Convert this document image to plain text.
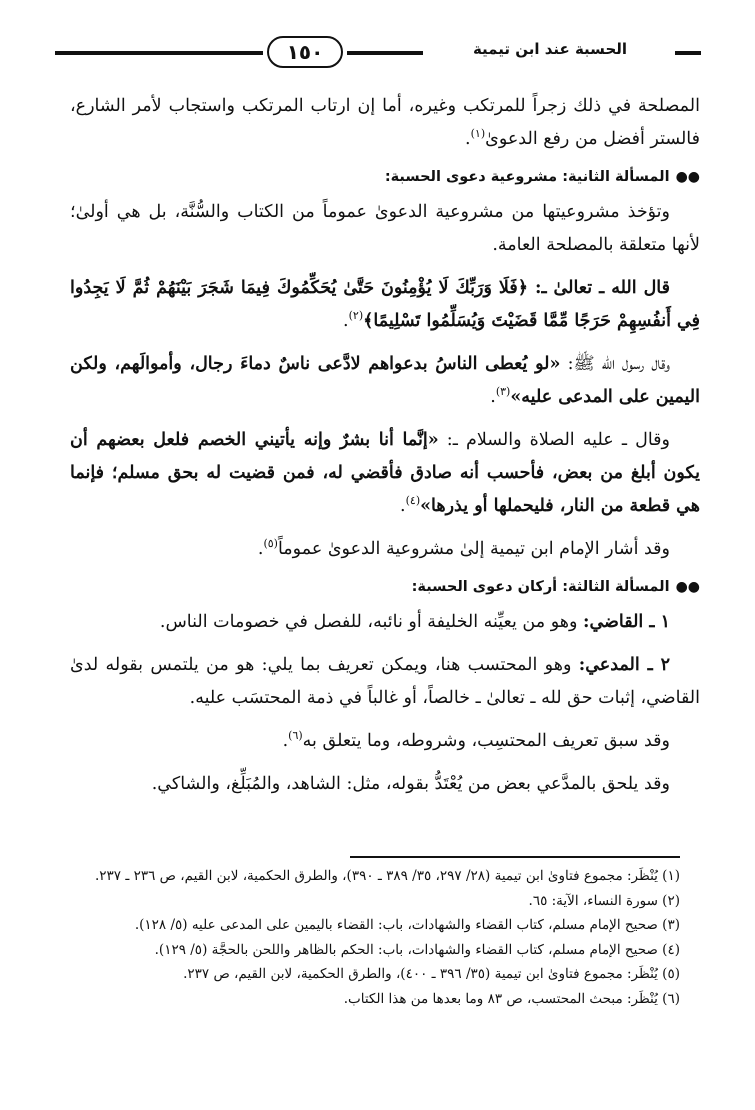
١٥٠	الحسبة عند ابن تيمية

المصلحة في ذلك زجراً للمرتكب وغيره، أما إن ارتاب المرتكب واستجاب لأمر الشارع، فالستر أفضل من رفع الدعوىٰ$^{(١)}$.

●●المسألة الثانية: مشروعية دعوى الحسبة:

وتؤخذ مشروعيتها من مشروعية الدعوىٰ عموماً من الكتاب والسُّنَّة، بل هي أولىٰ؛ لأنها متعلقة بالمصلحة العامة.

قال الله ـ تعالىٰ ـ: ﴿فَلَا وَرَبِّكَ لَا يُؤْمِنُونَ حَتَّىٰ يُحَكِّمُوكَ فِيمَا شَجَرَ بَيْنَهُمْ ثُمَّ لَا يَجِدُوا فِي أَنفُسِهِمْ حَرَجًا مِّمَّا قَضَيْتَ وَيُسَلِّمُوا تَسْلِيمًا﴾$^{(٢)}$.

وقال رسول الله ﷺ: «لو يُعطى الناسُ بدعواهم لادَّعى ناسٌ دماءَ رجال، وأموالَهم، ولكن اليمين على المدعى عليه»$^{(٣)}$.

وقال ـ عليه الصلاة والسلام ـ: «إنَّما أنا بشرٌ وإنه يأتيني الخصم فلعل بعضهم أن يكون أبلغ من بعض، فأحسب أنه صادق فأقضي له، فمن قضيت له بحق مسلم؛ فإنما هي قطعة من النار، فليحملها أو يذرها»$^{(٤)}$.

وقد أشار الإمام ابن تيمية إلىٰ مشروعية الدعوىٰ عموماً$^{(٥)}$.

●●المسألة الثالثة: أركان دعوى الحسبة:

١ ـ القاضي: وهو من يعيِّنه الخليفة أو نائبه، للفصل في خصومات الناس.

٢ ـ المدعي: وهو المحتسب هنا، ويمكن تعريف بما يلي: هو من يلتمس بقوله لدىٰ القاضي، إثبات حق لله ـ تعالىٰ ـ خالصاً، أو غالباً في ذمة المحتسَب عليه.

وقد سبق تعريف المحتسِب، وشروطه، وما يتعلق به$^{(٦)}$.

وقد يلحق بالمدَّعي بعض من يُعْتَدُّ بقوله، مثل: الشاهد، والمُبَلِّغ، والشاكي.

(١) يُنْظَر: مجموع فتاوىٰ ابن تيمية (٢٨/ ٢٩٧، ٣٥/ ٣٨٩ ـ ٣٩٠)، والطرق الحكمية، لابن القيم، ص ٢٣٦ ـ ٢٣٧.

(٢) سورة النساء، الآية: ٦٥.

(٣) صحيح الإمام مسلم، كتاب القضاء والشهادات، باب: القضاء باليمين على المدعى عليه (٥/ ١٢٨).

(٤) صحيح الإمام مسلم، كتاب القضاء والشهادات، باب: الحكم بالظاهر واللحن بالحجَّة (٥/ ١٢٩).

(٥) يُنْظَر: مجموع فتاوىٰ ابن تيمية (٣٥/ ٣٩٦ ـ ٤٠٠)، والطرق الحكمية، لابن القيم، ص ٢٣٧.

(٦) يُنْظَر: مبحث المحتسب، ص ٨٣ وما بعدها من هذا الكتاب.
